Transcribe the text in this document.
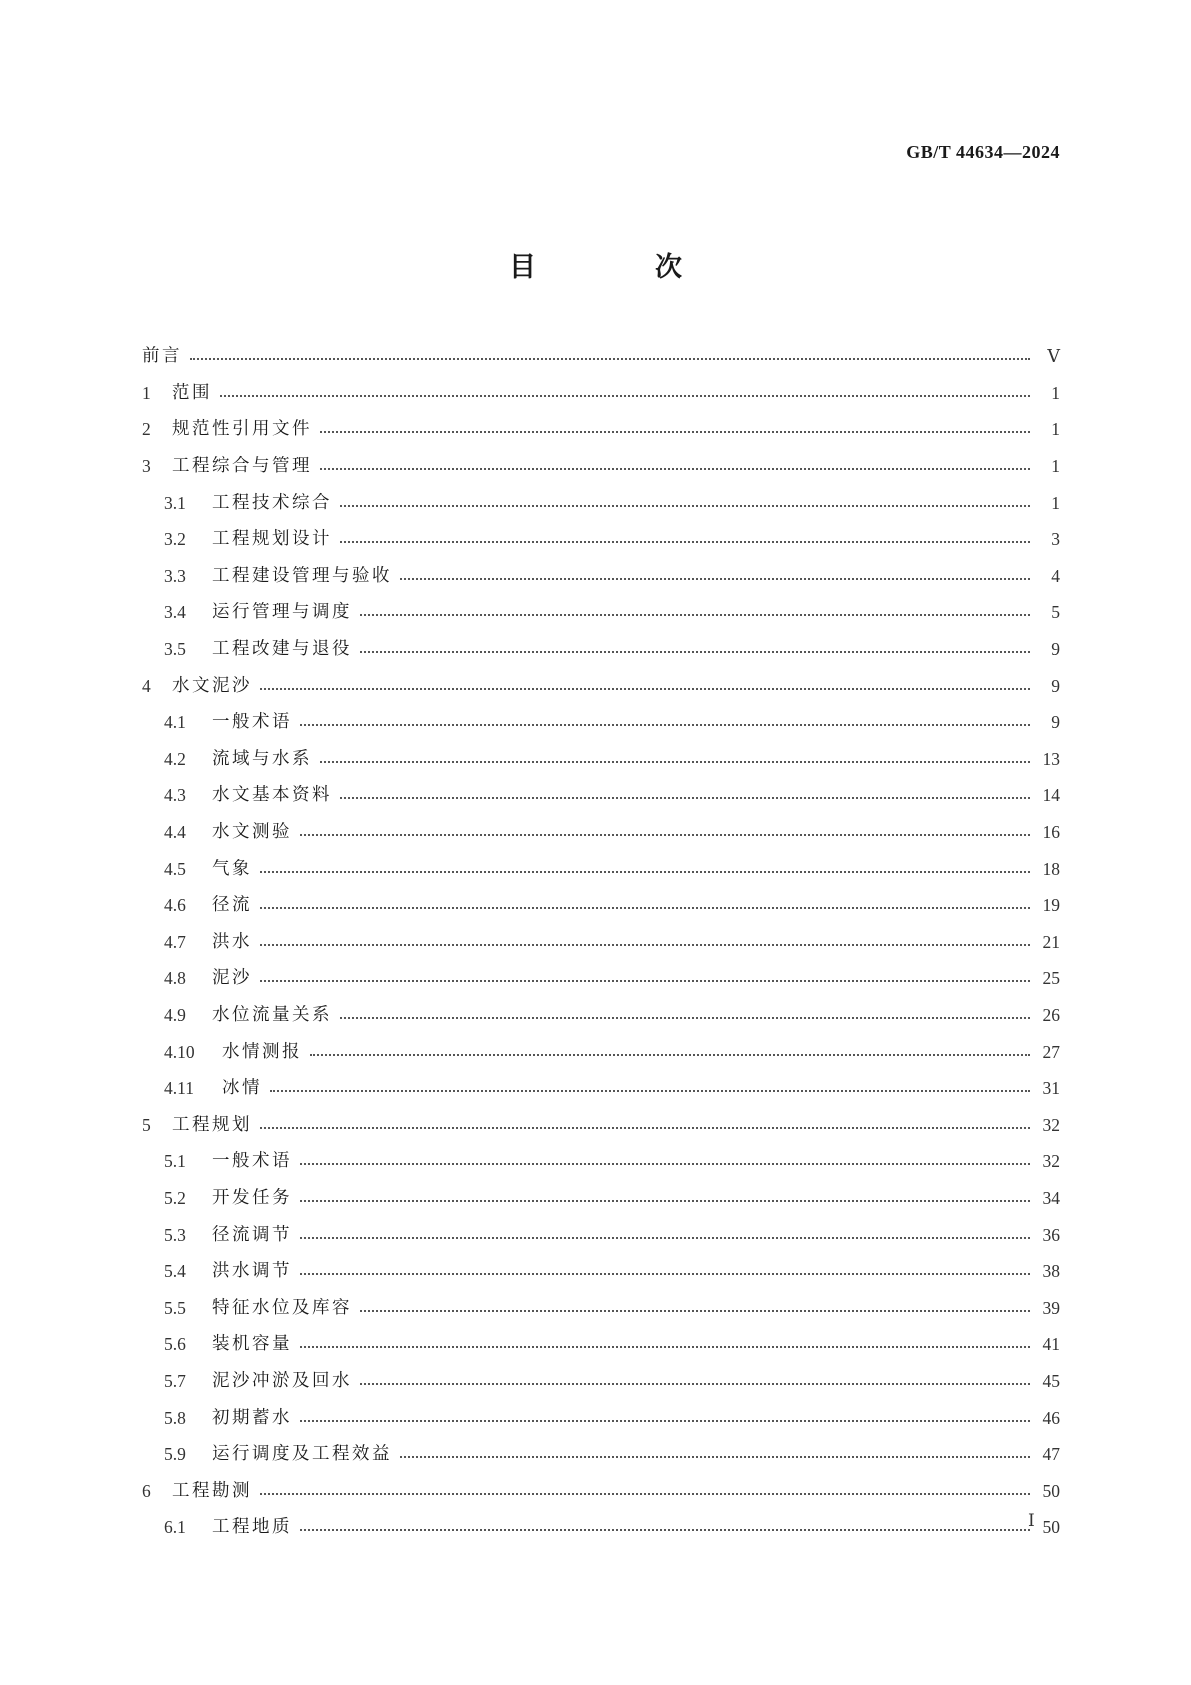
GB/T 44634—2024
目　次
前言	Ⅴ
1	范围	1
2	规范性引用文件	1
3	工程综合与管理	1
3.1	工程技术综合	1
3.2	工程规划设计	3
3.3	工程建设管理与验收	4
3.4	运行管理与调度	5
3.5	工程改建与退役	9
4	水文泥沙	9
4.1	一般术语	9
4.2	流域与水系	13
4.3	水文基本资料	14
4.4	水文测验	16
4.5	气象	18
4.6	径流	19
4.7	洪水	21
4.8	泥沙	25
4.9	水位流量关系	26
4.10	水情测报	27
4.11	冰情	31
5	工程规划	32
5.1	一般术语	32
5.2	开发任务	34
5.3	径流调节	36
5.4	洪水调节	38
5.5	特征水位及库容	39
5.6	装机容量	41
5.7	泥沙冲淤及回水	45
5.8	初期蓄水	46
5.9	运行调度及工程效益	47
6	工程勘测	50
6.1	工程地质	50
Ⅰ
